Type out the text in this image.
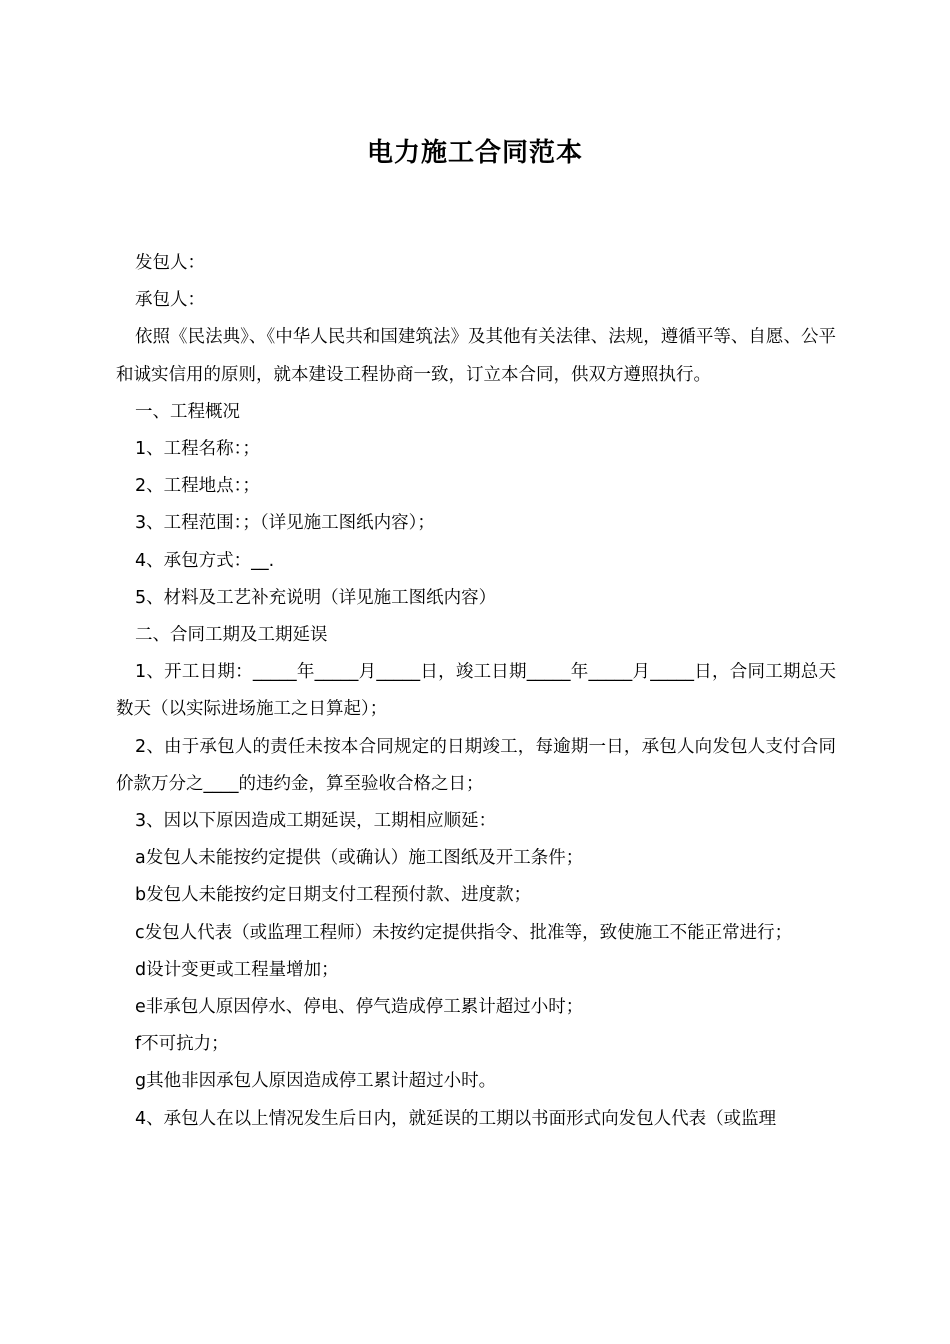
电力施工合同范本

发包人：

承包人：

依照《民法典》、《中华人民共和国建筑法》及其他有关法律、法规，遵循平等、自愿、公平和诚实信用的原则，就本建设工程协商一致，订立本合同，供双方遵照执行。

一、工程概况

1、工程名称：；

2、工程地点：；

3、工程范围：；（详见施工图纸内容）；

4、承包方式：__.

5、材料及工艺补充说明（详见施工图纸内容）

二、合同工期及工期延误

1、开工日期：_____年_____月_____日，竣工日期_____年_____月_____日，合同工期总天数天（以实际进场施工之日算起）；

2、由于承包人的责任未按本合同规定的日期竣工，每逾期一日，承包人向发包人支付合同价款万分之____的违约金，算至验收合格之日；

3、因以下原因造成工期延误，工期相应顺延：

a发包人未能按约定提供（或确认）施工图纸及开工条件；

b发包人未能按约定日期支付工程预付款、进度款；

c发包人代表（或监理工程师）未按约定提供指令、批准等，致使施工不能正常进行；

d设计变更或工程量增加；

e非承包人原因停水、停电、停气造成停工累计超过小时；

f不可抗力；

g其他非因承包人原因造成停工累计超过小时。

4、承包人在以上情况发生后日内，就延误的工期以书面形式向发包人代表（或监理
